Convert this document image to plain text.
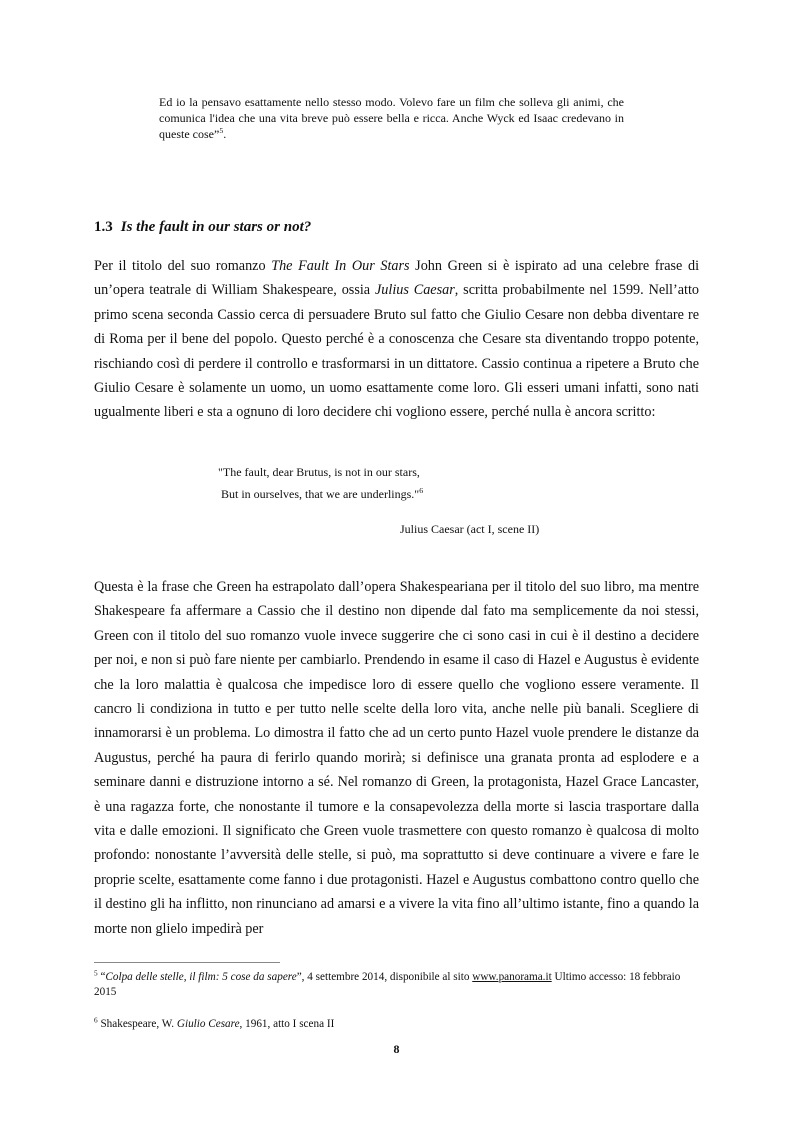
Ed io la pensavo esattamente nello stesso modo. Volevo fare un film che solleva gli animi, che comunica l'idea che una vita breve può essere bella e ricca. Anche Wyck ed Isaac credevano in queste cose”$^5$.
1.3 Is the fault in our stars or not?
Per il titolo del suo romanzo The Fault In Our Stars John Green si è ispirato ad una celebre frase di un’opera teatrale di William Shakespeare, ossia Julius Caesar, scritta probabilmente nel 1599. Nell’atto primo scena seconda Cassio cerca di persuadere Bruto sul fatto che Giulio Cesare non debba diventare re di Roma per il bene del popolo. Questo perché è a conoscenza che Cesare sta diventando troppo potente, rischiando così di perdere il controllo e trasformarsi in un dittatore. Cassio continua a ripetere a Bruto che Giulio Cesare è solamente un uomo, un uomo esattamente come loro. Gli esseri umani infatti, sono nati ugualmente liberi e sta a ognuno di loro decidere chi vogliono essere, perché nulla è ancora scritto:
"The fault, dear Brutus, is not in our stars,
But in ourselves, that we are underlings."$^6$
Julius Caesar (act I, scene II)
Questa è la frase che Green ha estrapolato dall’opera Shakespeariana per il titolo del suo libro, ma mentre Shakespeare fa affermare a Cassio che il destino non dipende dal fato ma semplicemente da noi stessi, Green con il titolo del suo romanzo vuole invece suggerire che ci sono casi in cui è il destino a decidere per noi, e non si può fare niente per cambiarlo. Prendendo in esame il caso di Hazel e Augustus è evidente che la loro malattia è qualcosa che impedisce loro di essere quello che vogliono essere veramente. Il cancro li condiziona in tutto e per tutto nelle scelte della loro vita, anche nelle più banali. Scegliere di innamorarsi è un problema. Lo dimostra il fatto che ad un certo punto Hazel vuole prendere le distanze da Augustus, perché ha paura di ferirlo quando morirà; si definisce una granata pronta ad esplodere e a seminare danni e distruzione intorno a sé. Nel romanzo di Green, la protagonista, Hazel Grace Lancaster, è una ragazza forte, che nonostante il tumore e la consapevolezza della morte si lascia trasportare dalla vita e dalle emozioni. Il significato che Green vuole trasmettere con questo romanzo è qualcosa di molto profondo: nonostante l’avversità delle stelle, si può, ma soprattutto si deve continuare a vivere e fare le proprie scelte, esattamente come fanno i due protagonisti. Hazel e Augustus combattono contro quello che il destino gli ha inflitto, non rinunciano ad amarsi e a vivere la vita fino all’ultimo istante, fino a quando la morte non glielo impedirà per
$^5$ “Colpa delle stelle, il film: 5 cose da sapere”, 4 settembre 2014, disponibile al sito www.panorama.it Ultimo accesso: 18 febbraio 2015
$^6$ Shakespeare, W. Giulio Cesare, 1961, atto I scena II
8
